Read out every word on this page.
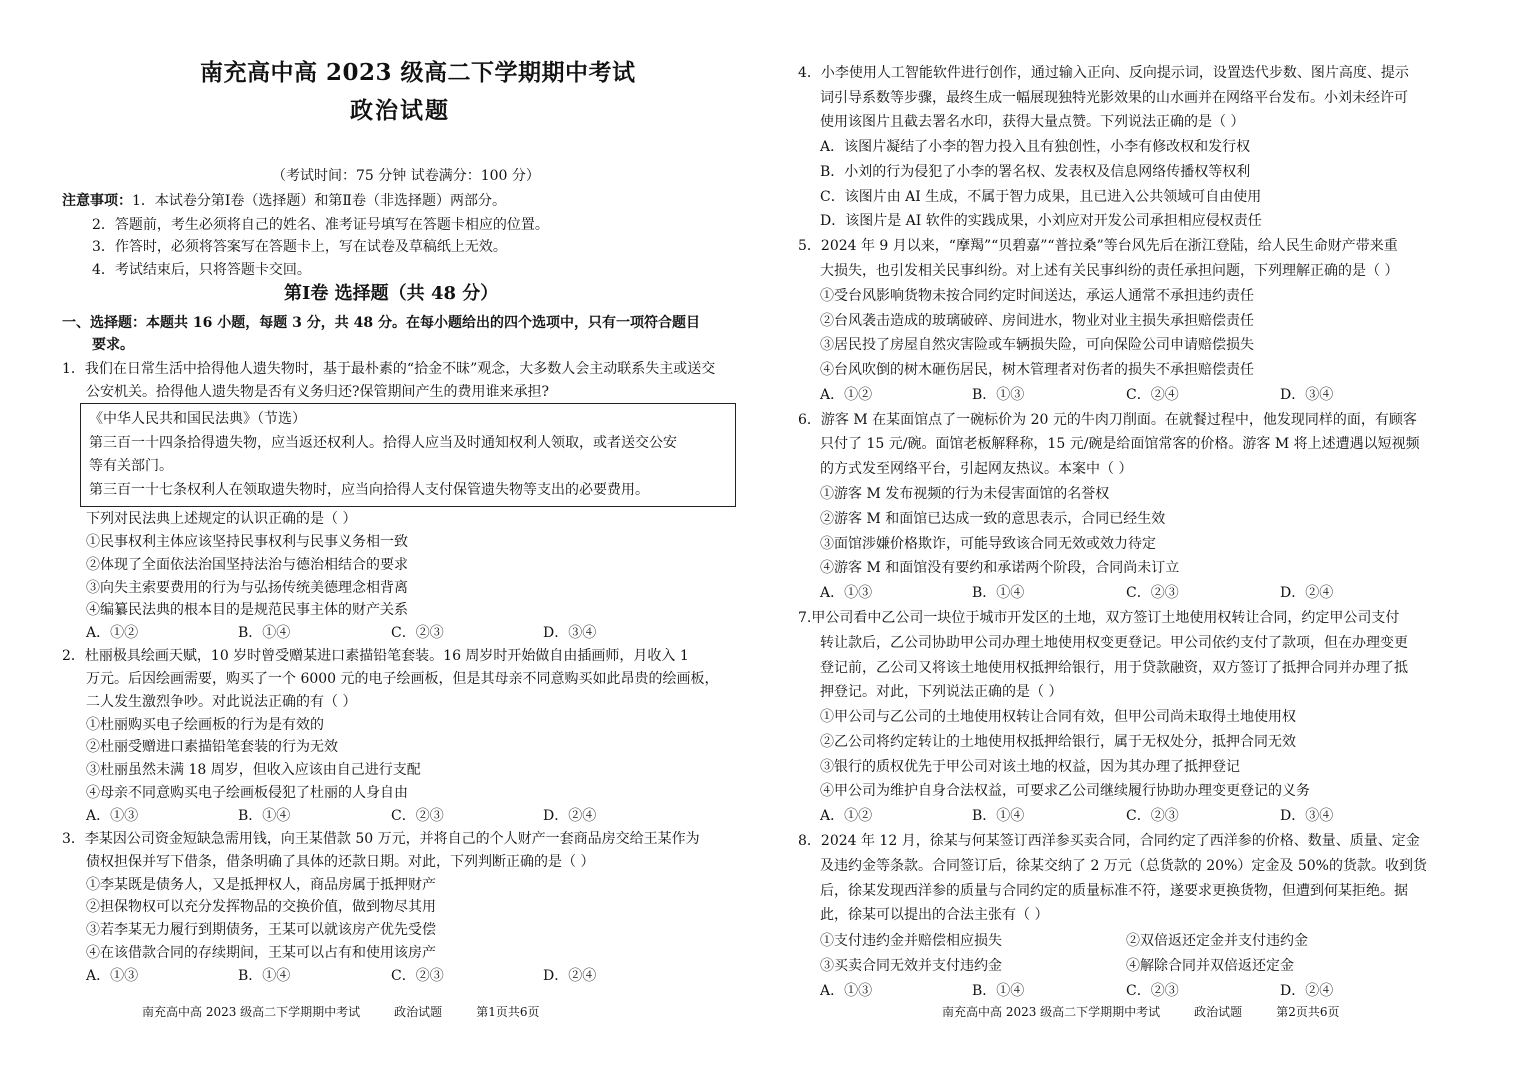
南充高中高 2023 级高二下学期期中考试
政治试题
（考试时间：75 分钟 试卷满分：100 分）
注意事项：1．本试卷分第Ⅰ卷（选择题）和第Ⅱ卷（非选择题）两部分。
2．答题前，考生必须将自己的姓名、准考证号填写在答题卡相应的位置。
3．作答时，必须将答案写在答题卡上，写在试卷及草稿纸上无效。
4．考试结束后，只将答题卡交回。
第Ⅰ卷 选择题（共 48 分）
一、选择题：本题共 16 小题，每题 3 分，共 48 分。在每小题给出的四个选项中，只有一项符合题目
要求。
1．我们在日常生活中拾得他人遗失物时，基于最朴素的“拾金不昧”观念，大多数人会主动联系失主或送交
公安机关。拾得他人遗失物是否有义务归还?保管期间产生的费用谁来承担?
《中华人民共和国民法典》（节选）
第三百一十四条拾得遗失物，应当返还权利人。拾得人应当及时通知权利人领取，或者送交公安
等有关部门。
第三百一十七条权利人在领取遗失物时，应当向拾得人支付保管遗失物等支出的必要费用。
下列对民法典上述规定的认识正确的是（ ）
①民事权利主体应该坚持民事权利与民事义务相一致
②体现了全面依法治国坚持法治与德治相结合的要求
③向失主索要费用的行为与弘扬传统美德理念相背离
④编纂民法典的根本目的是规范民事主体的财产关系
A．①②	B．①④	C．②③	D．③④
2．杜丽极具绘画天赋，10 岁时曾受赠某进口素描铅笔套装。16 周岁时开始做自由插画师，月收入 1
万元。后因绘画需要，购买了一个 6000 元的电子绘画板，但是其母亲不同意购买如此昂贵的绘画板，
二人发生激烈争吵。对此说法正确的有（ ）
①杜丽购买电子绘画板的行为是有效的
②杜丽受赠进口素描铅笔套装的行为无效
③杜丽虽然未满 18 周岁，但收入应该由自己进行支配
④母亲不同意购买电子绘画板侵犯了杜丽的人身自由
A．①③	B．①④	C．②③	D．②④
3．李某因公司资金短缺急需用钱，向王某借款 50 万元，并将自己的个人财产一套商品房交给王某作为
债权担保并写下借条，借条明确了具体的还款日期。对此，下列判断正确的是（ ）
①李某既是债务人，又是抵押权人，商品房属于抵押财产
②担保物权可以充分发挥物品的交换价值，做到物尽其用
③若李某无力履行到期债务，王某可以就该房产优先受偿
④在该借款合同的存续期间，王某可以占有和使用该房产
A．①③	B．①④	C．②③	D．②④
南充高中高 2023 级高二下学期期中考试	政治试题	第1页共6页
4．小李使用人工智能软件进行创作，通过输入正向、反向提示词，设置迭代步数、图片高度、提示
词引导系数等步骤，最终生成一幅展现独特光影效果的山水画并在网络平台发布。小刘未经许可
使用该图片且截去署名水印，获得大量点赞。下列说法正确的是（ ）
A．该图片凝结了小李的智力投入且有独创性，小李有修改权和发行权
B．小刘的行为侵犯了小李的署名权、发表权及信息网络传播权等权利
C．该图片由 AI 生成，不属于智力成果，且已进入公共领域可自由使用
D．该图片是 AI 软件的实践成果，小刘应对开发公司承担相应侵权责任
5．2024 年 9 月以来，“摩羯”“贝碧嘉”“普拉桑”等台风先后在浙江登陆，给人民生命财产带来重
大损失，也引发相关民事纠纷。对上述有关民事纠纷的责任承担问题，下列理解正确的是（ ）
①受台风影响货物未按合同约定时间送达，承运人通常不承担违约责任
②台风袭击造成的玻璃破碎、房间进水，物业对业主损失承担赔偿责任
③居民投了房屋自然灾害险或车辆损失险，可向保险公司申请赔偿损失
④台风吹倒的树木砸伤居民，树木管理者对伤者的损失不承担赔偿责任
A．①②	B．①③	C．②④	D．③④
6．游客 M 在某面馆点了一碗标价为 20 元的牛肉刀削面。在就餐过程中，他发现同样的面，有顾客
只付了 15 元/碗。面馆老板解释称，15 元/碗是给面馆常客的价格。游客 M 将上述遭遇以短视频
的方式发至网络平台，引起网友热议。本案中（ ）
①游客 M 发布视频的行为未侵害面馆的名誉权
②游客 M 和面馆已达成一致的意思表示，合同已经生效
③面馆涉嫌价格欺诈，可能导致该合同无效或效力待定
④游客 M 和面馆没有要约和承诺两个阶段，合同尚未订立
A．①③	B．①④	C．②③	D．②④
7.甲公司看中乙公司一块位于城市开发区的土地，双方签订土地使用权转让合同，约定甲公司支付
转让款后，乙公司协助甲公司办理土地使用权变更登记。甲公司依约支付了款项，但在办理变更
登记前，乙公司又将该土地使用权抵押给银行，用于贷款融资，双方签订了抵押合同并办理了抵
押登记。对此，下列说法正确的是（ ）
①甲公司与乙公司的土地使用权转让合同有效，但甲公司尚未取得土地使用权
②乙公司将约定转让的土地使用权抵押给银行，属于无权处分，抵押合同无效
③银行的质权优先于甲公司对该土地的权益，因为其办理了抵押登记
④甲公司为维护自身合法权益，可要求乙公司继续履行协助办理变更登记的义务
A．①②	B．①④	C．②③	D．③④
8．2024 年 12 月，徐某与何某签订西洋参买卖合同，合同约定了西洋参的价格、数量、质量、定金
及违约金等条款。合同签订后，徐某交纳了 2 万元（总货款的 20%）定金及 50%的货款。收到货
后，徐某发现西洋参的质量与合同约定的质量标准不符，遂要求更换货物，但遭到何某拒绝。据
此，徐某可以提出的合法主张有（ ）
①支付违约金并赔偿相应损失	②双倍返还定金并支付违约金
③买卖合同无效并支付违约金	④解除合同并双倍返还定金
A．①③	B．①④	C．②③	D．②④
南充高中高 2023 级高二下学期期中考试	政治试题	第2页共6页
